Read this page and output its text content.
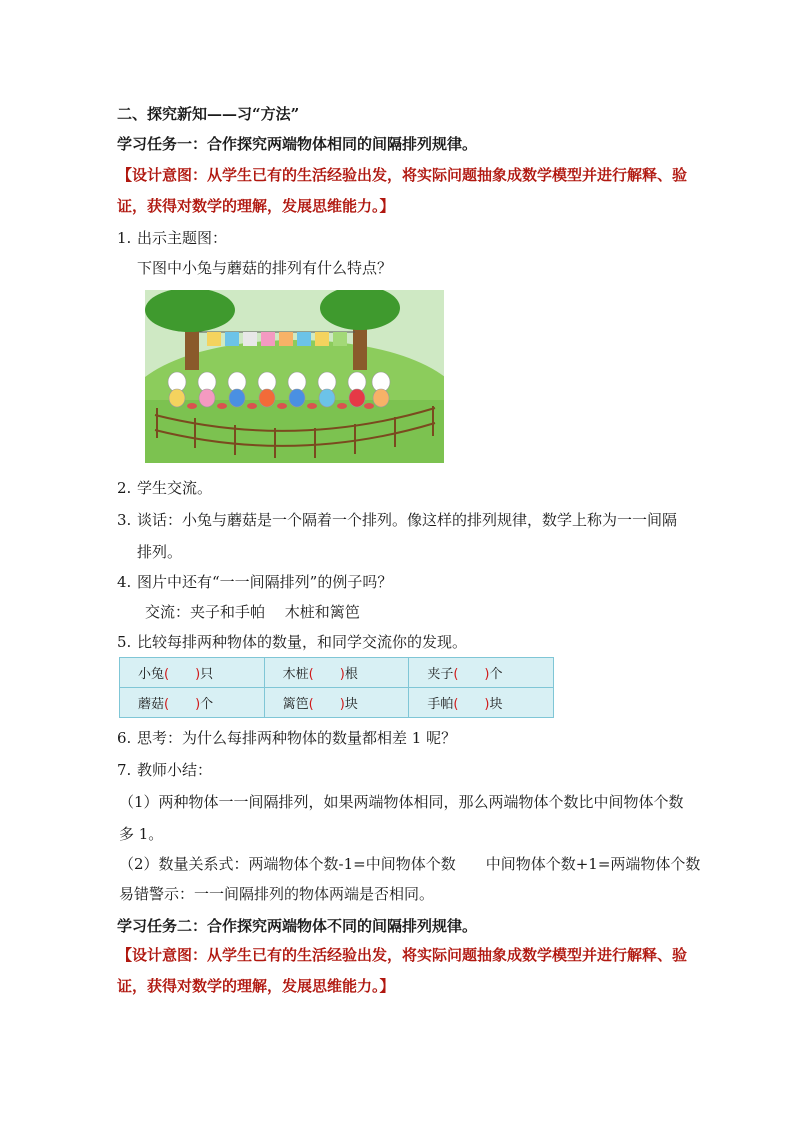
二、探究新知——习“方法”
学习任务一：合作探究两端物体相同的间隔排列规律。
【设计意图：从学生已有的生活经验出发，将实际问题抽象成数学模型并进行解释、验
证，获得对数学的理解，发展思维能力。】
1. 出示主题图：
下图中小兔与蘑菇的排列有什么特点？
2. 学生交流。
3. 谈话：小兔与蘑菇是一个隔着一个排列。像这样的排列规律，数学上称为一一间隔
排列。
4. 图片中还有“一一间隔排列”的例子吗？
交流：夹子和手帕　 木桩和篱笆
5. 比较每排两种物体的数量，和同学交流你的发现。
小兔(　　)只	木桩(　　)根	夹子(　　)个
蘑菇(　　)个	篱笆(　　)块	手帕(　　)块
6. 思考：为什么每排两种物体的数量都相差 1 呢？
7. 教师小结：
（1）两种物体一一间隔排列，如果两端物体相同，那么两端物体个数比中间物体个数
多 1。
（2）数量关系式：两端物体个数-1=中间物体个数　　中间物体个数+1=两端物体个数
易错警示：一一间隔排列的物体两端是否相同。
学习任务二：合作探究两端物体不同的间隔排列规律。
【设计意图：从学生已有的生活经验出发，将实际问题抽象成数学模型并进行解释、验
证，获得对数学的理解，发展思维能力。】
